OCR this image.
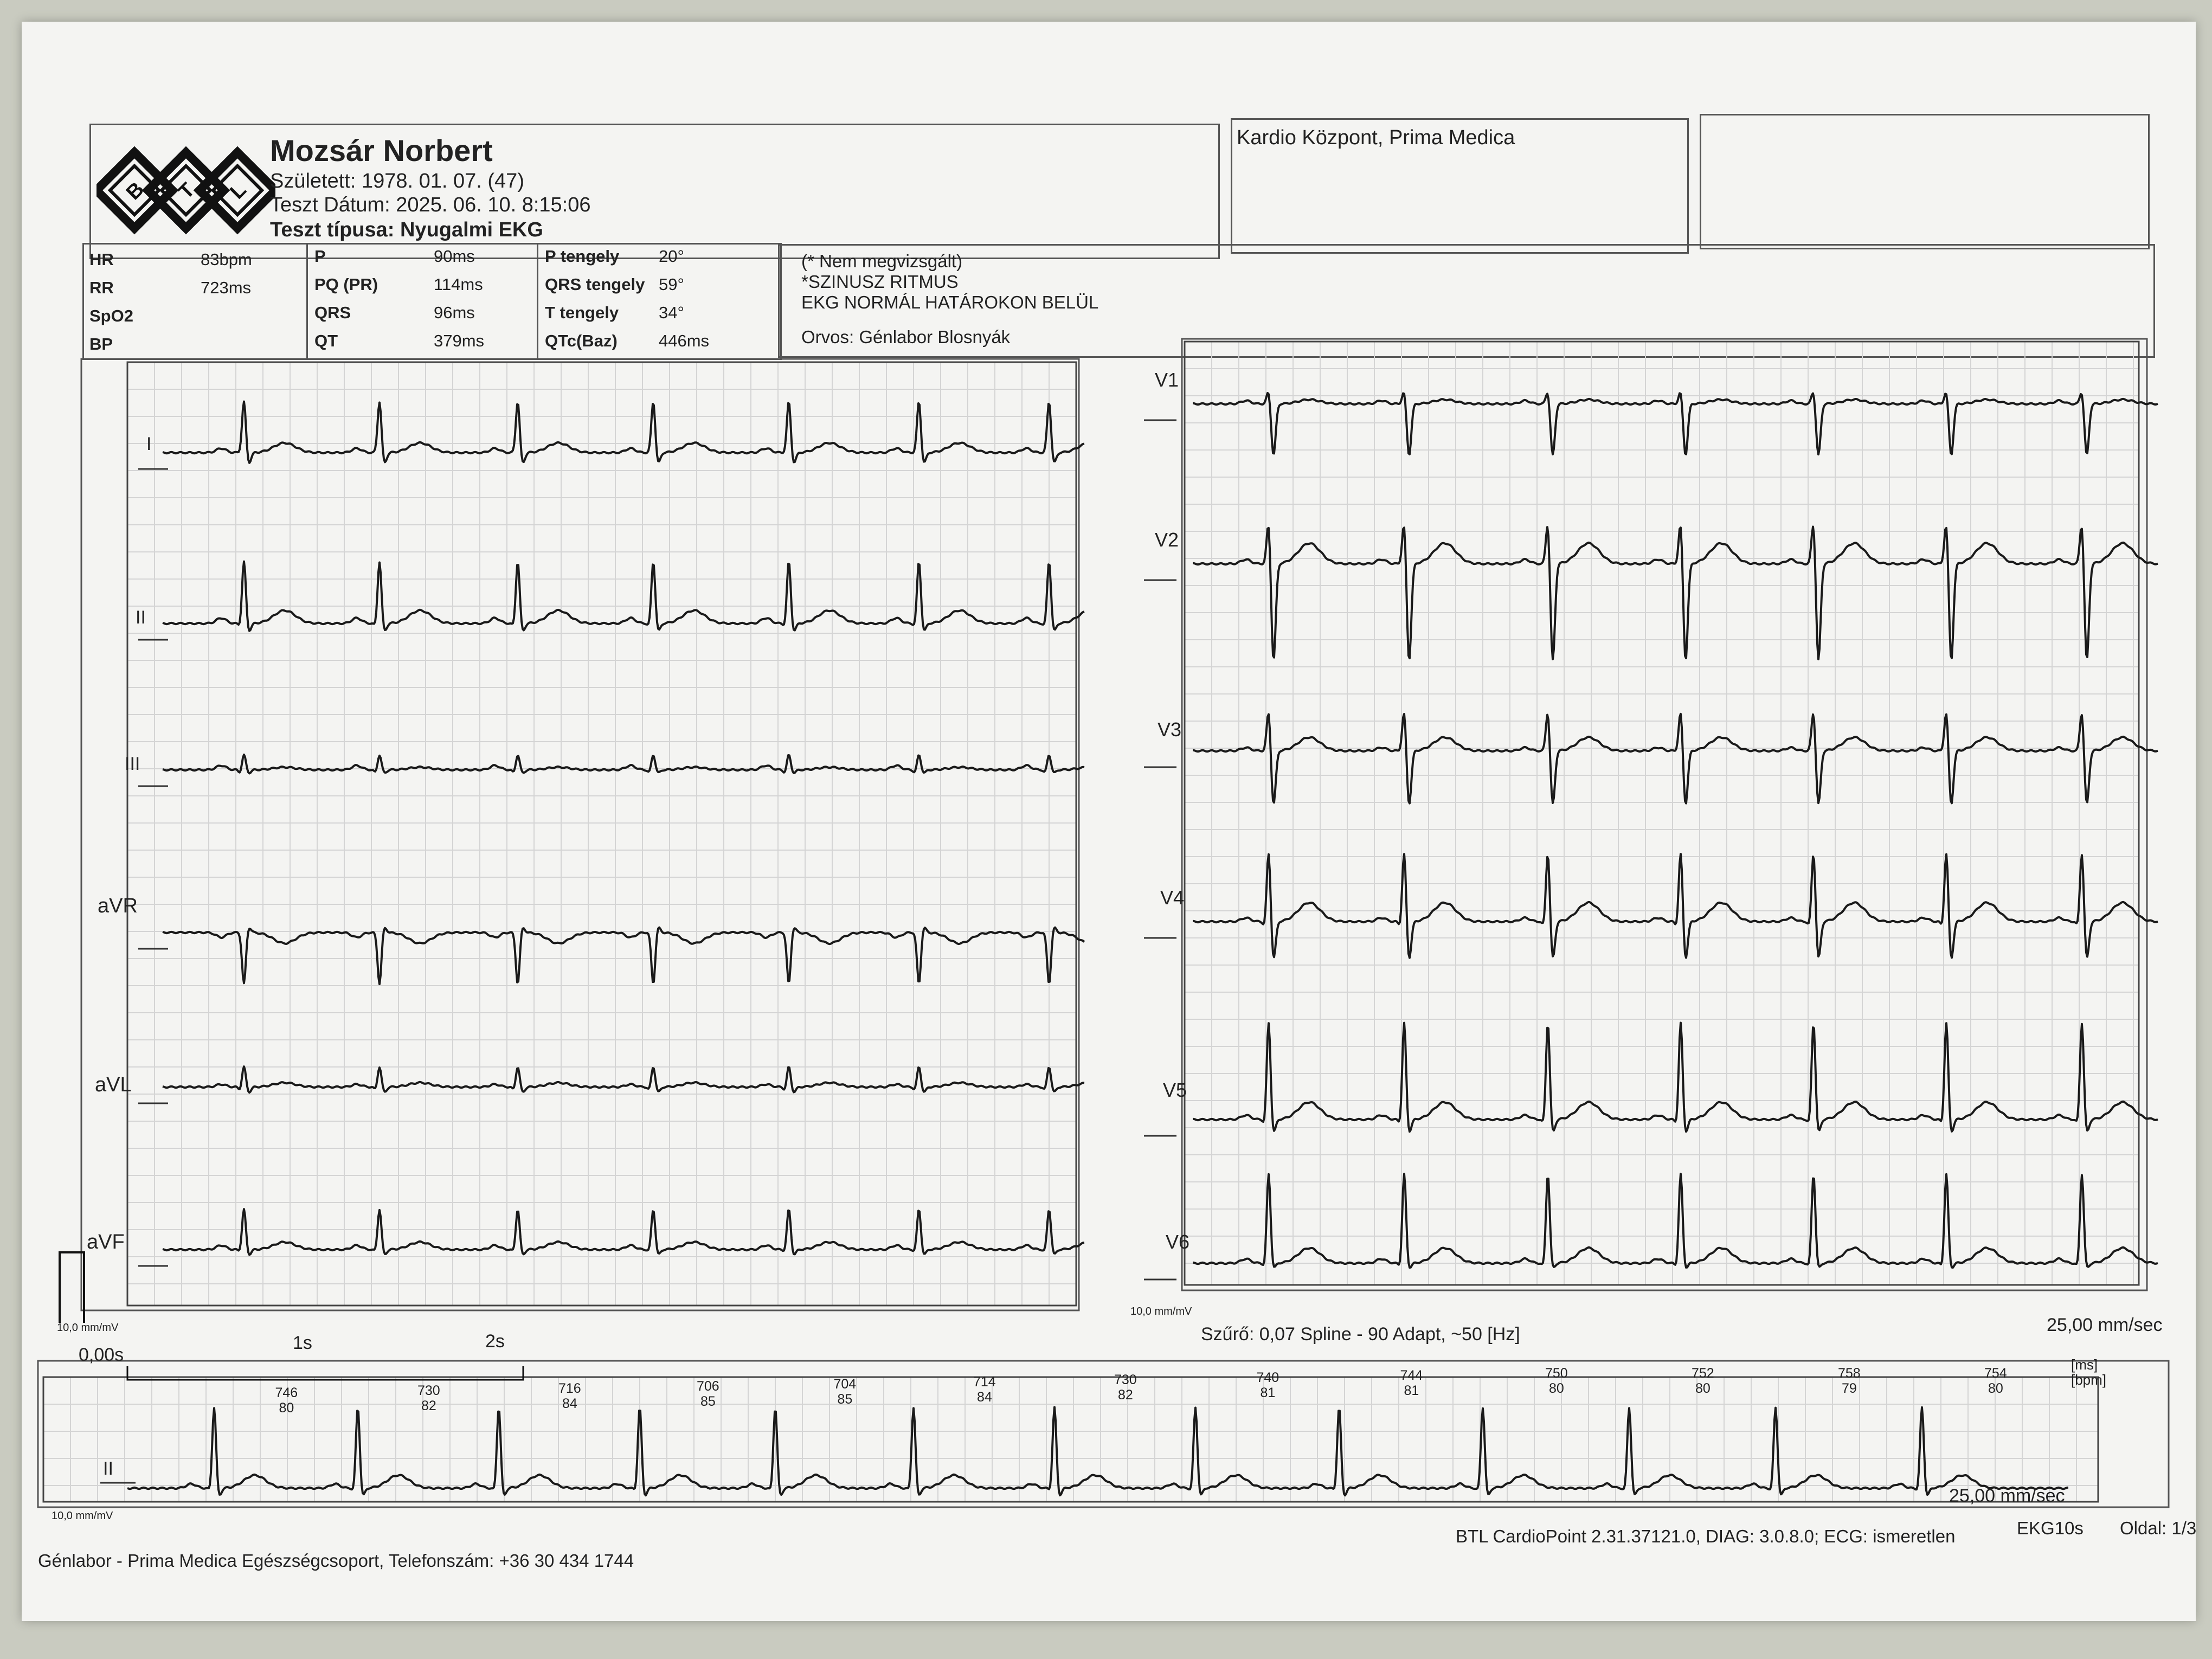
B T L
Mozsár Norbert
Született: 1978. 01. 07. (47)
Teszt Dátum: 2025. 06. 10. 8:15:06
Teszt típusa: Nyugalmi EKG
Kardio Központ, Prima Medica
HR	83bpm
RR	723ms
SpO2
BP
P	90ms
PQ (PR)	114ms
QRS	96ms
QT	379ms
P tengely 20°
QRS tengely 59°
T tengely 34°
QTc(Baz) 446ms
(* Nem megvizsgált)
*SZINUSZ RITMUS
EKG NORMÁL HATÁROKON BELÜL
Orvos: Génlabor Blosnyák
I
II
III
aVR
aVL
aVF
V1
V2
V3
V4
V5
V6
10,0 mm/mV
10,0 mm/mV
0,00s
1s	2s	Szűrő: 0,07 Spline - 90 Adapt, ~50 [Hz]	25,00 mm/sec
II
[ms]
[bpm]
746
80
730
82
716
84
706
85
704
85
714
84
730
82
740
81
744
81
750
80
752
80
758
79
754
80
10,0 mm/mV
25,00 mm/sec
Génlabor - Prima Medica Egészségcsoport, Telefonszám: +36 30 434 1744
BTL CardioPoint 2.31.37121.0, DIAG: 3.0.8.0; ECG: ismeretlen	EKG10s Oldal: 1/3
